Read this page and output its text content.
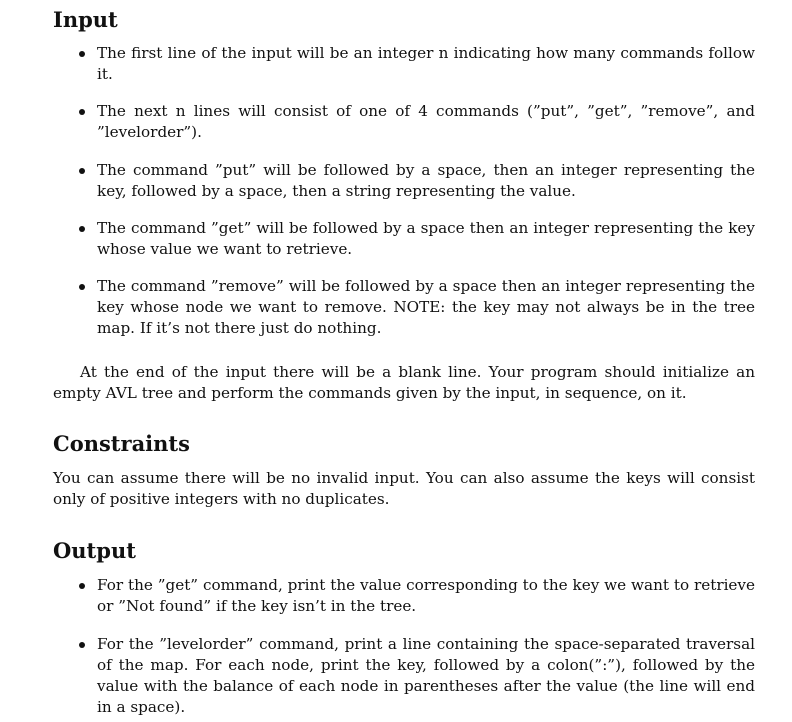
Input
The first line of the input will be an integer n indicating how many commands follow it.
The next n lines will consist of one of 4 commands (”put”, ”get”, ”remove”, and ”levelorder”).
The command ”put” will be followed by a space, then an integer representing the key, followed by a space, then a string representing the value.
The command ”get” will be followed by a space then an integer representing the key whose value we want to retrieve.
The command ”remove” will be followed by a space then an integer representing the key whose node we want to remove. NOTE: the key may not always be in the tree map. If it’s not there just do nothing.

At the end of the input there will be a blank line. Your program should initialize an empty AVL tree and perform the commands given by the input, in sequence, on it.

Constraints

You can assume there will be no invalid input. You can also assume the keys will consist only of positive integers with no duplicates.

Output
For the ”get” command, print the value corresponding to the key we want to retrieve or ”Not found” if the key isn’t in the tree.
For the ”levelorder” command, print a line containing the space-separated traversal of the map. For each node, print the key, followed by a colon(”:”), followed by the value with the balance of each node in parentheses after the value (the line will end in a space).
